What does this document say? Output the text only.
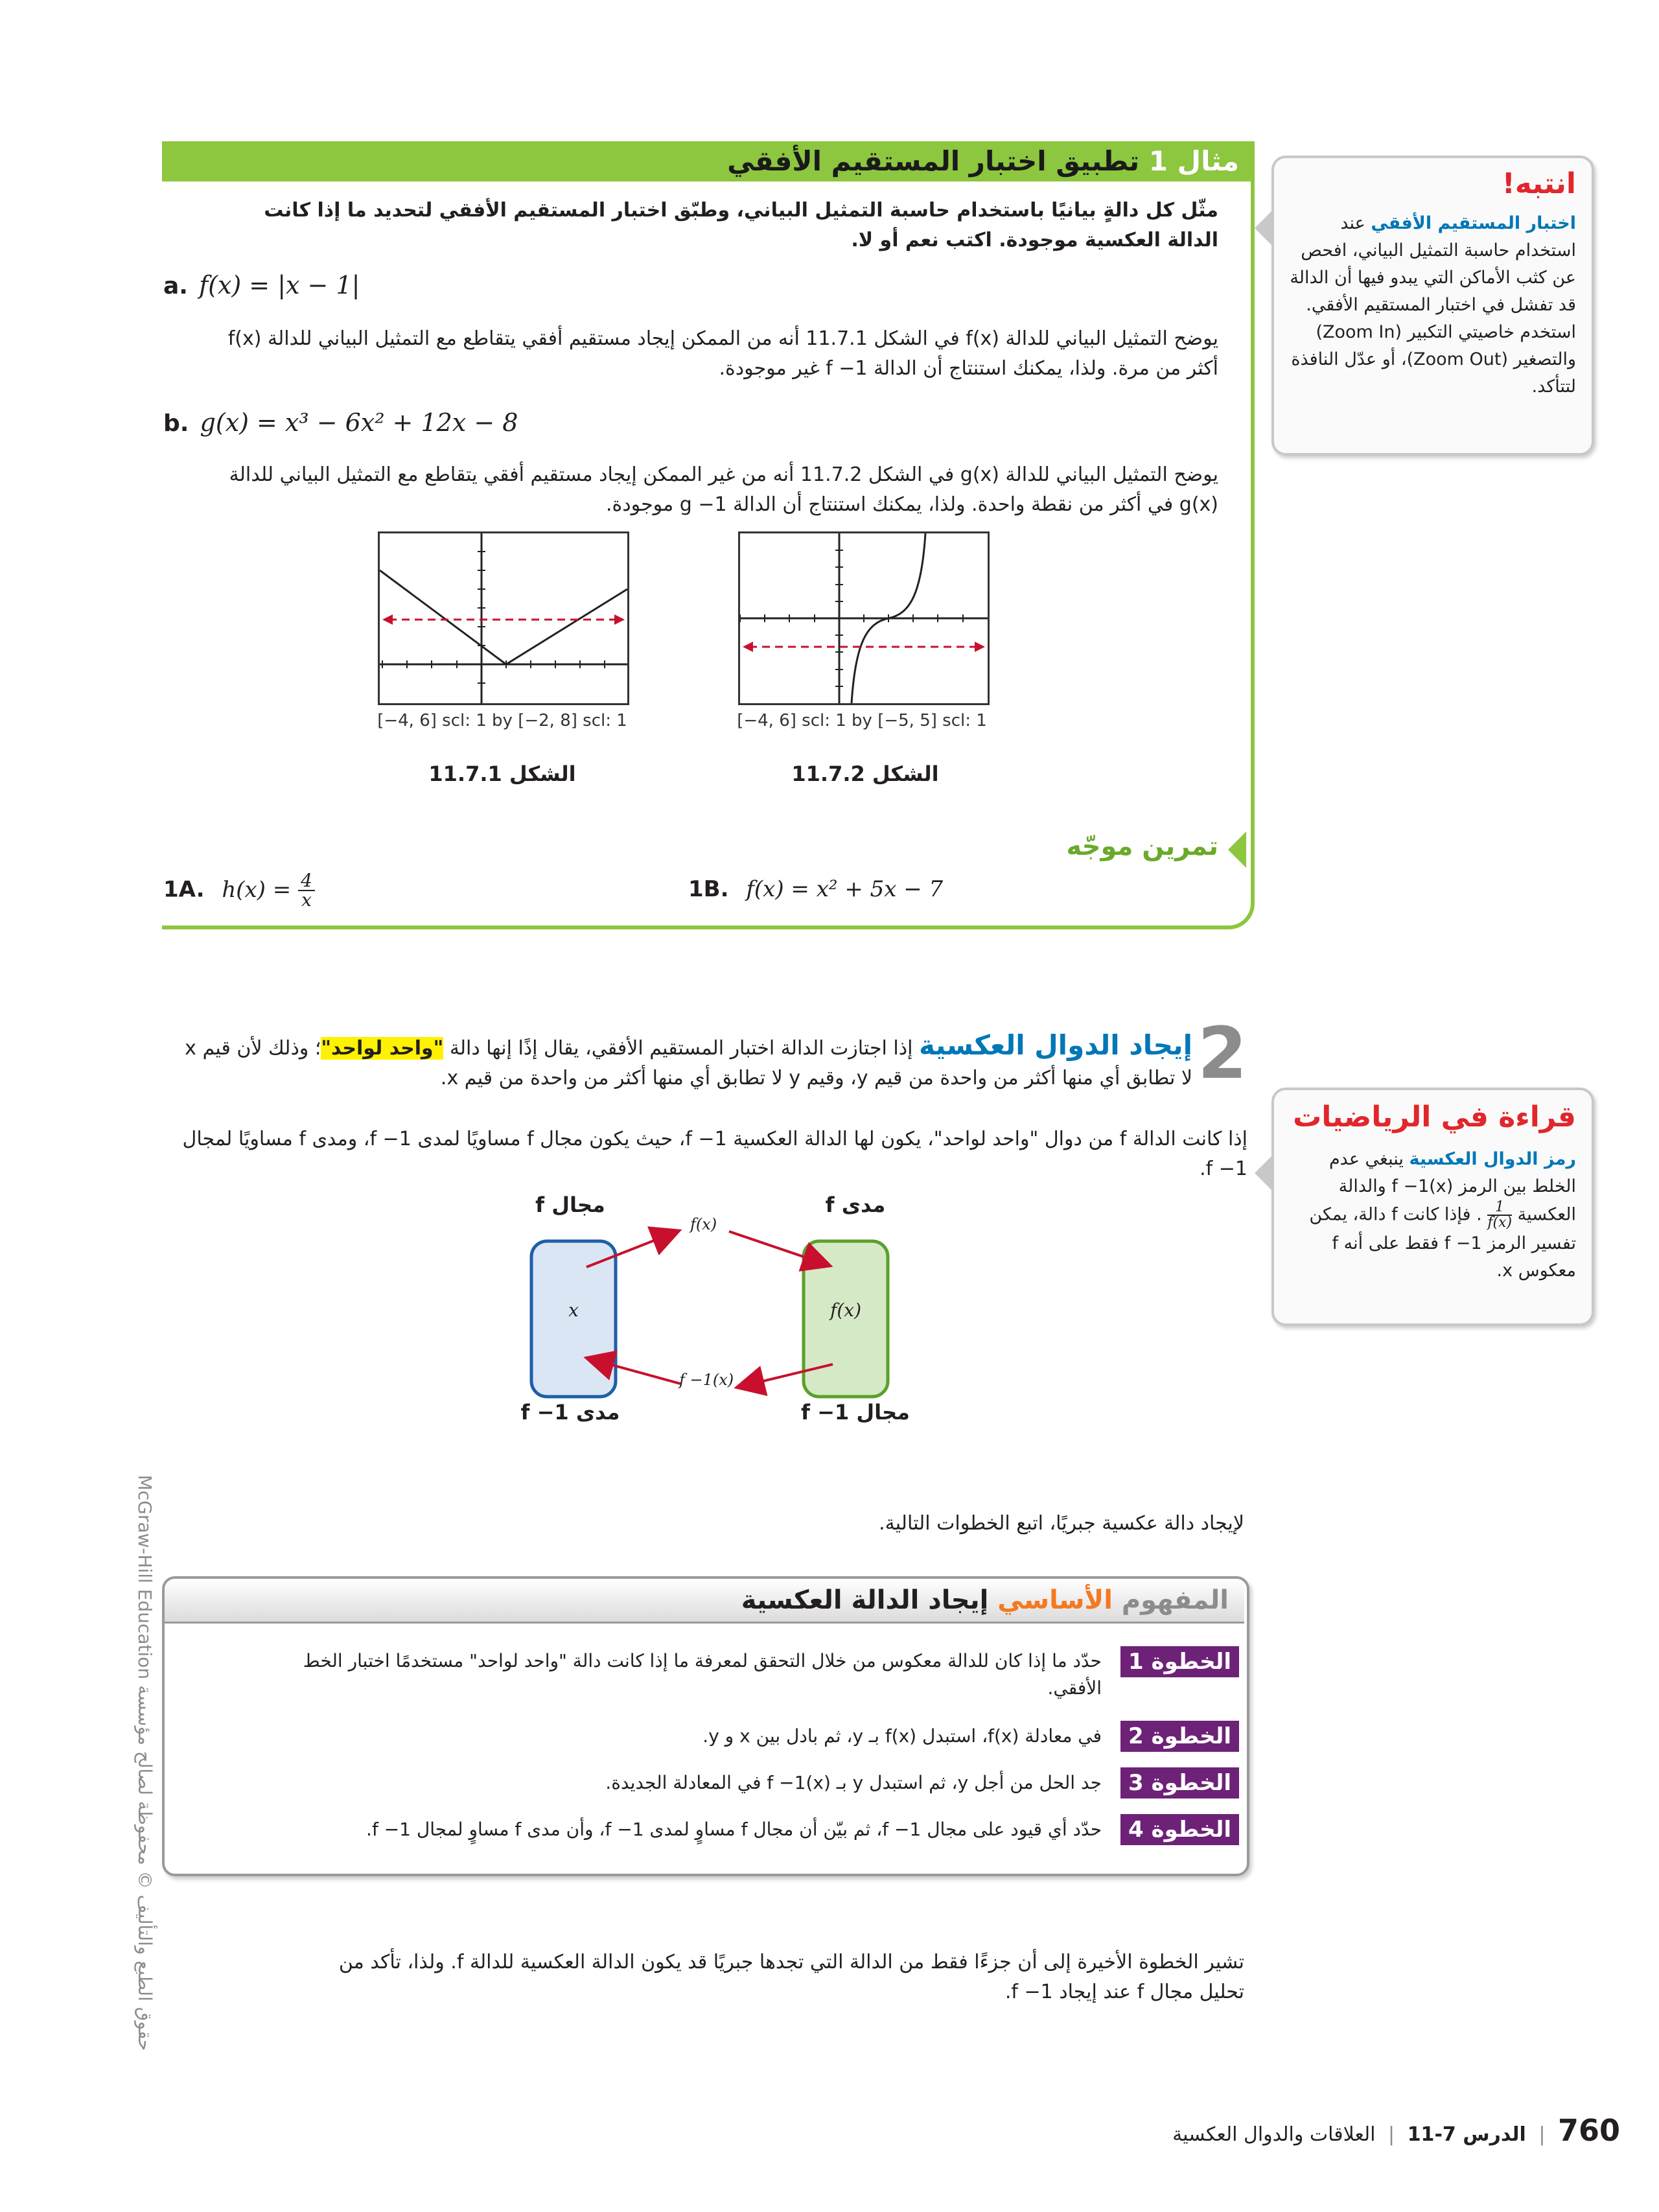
مثال 1 تطبيق اختبار المستقيم الأفقي
مثّل كل دالةٍ بيانيًا باستخدام حاسبة التمثيل البياني، وطبّق اختبار المستقيم الأفقي لتحديد ما إذا كانت الدالة العكسية موجودة. اكتب نعم أو لا.
a. f(x) = |x − 1|
يوضح التمثيل البياني للدالة f(x) في الشكل 11.7.1 أنه من الممكن إيجاد مستقيم أفقي يتقاطع مع التمثيل البياني للدالة f(x) أكثر من مرة. ولذا، يمكنك استنتاج أن الدالة f −1 غير موجودة.
b. g(x) = x³ − 6x² + 12x − 8
يوضح التمثيل البياني للدالة g(x) في الشكل 11.7.2 أنه من غير الممكن إيجاد مستقيم أفقي يتقاطع مع التمثيل البياني للدالة g(x) في أكثر من نقطة واحدة. ولذا، يمكنك استنتاج أن الدالة g −1 موجودة.
[−4, 6] scl: 1 by [−2, 8] scl: 1
الشكل 11.7.1
[−4, 6] scl: 1 by [−5, 5] scl: 1
الشكل 11.7.2
تمرين موجّه
1A. $h(x) = \frac{4}{x}$	1B. f(x) = x² + 5x − 7
انتبه!
اختبار المستقيم الأفقي عند استخدام حاسبة التمثيل البياني، افحص عن كثب الأماكن التي يبدو فيها أن الدالة قد تفشل في اختبار المستقيم الأفقي. استخدم خاصيتي التكبير (Zoom In) والتصغير (Zoom Out)، أو عدّل النافذة لتتأكد.
2
إيجاد الدوال العكسية إذا اجتازت الدالة اختبار المستقيم الأفقي، يقال إذًا إنها دالة "واحد لواحد"؛ وذلك لأن قيم x لا تطابق أي منها أكثر من واحدة من قيم y، وقيم y لا تطابق أي منها أكثر من واحدة من قيم x.
إذا كانت الدالة f من دوال "واحد لواحد"، يكون لها الدالة العكسية f −1، حيث يكون مجال f مساويًا لمدى f −1، ومدى f مساويًا لمجال f −1.
مجال f	مدى f
f(x)
f −1(x)
x	f(x)
مدى f −1	مجال f −1
قراءة في الرياضيات
رمز الدوال العكسية ينبغي عدم الخلط بين الرمز f −1(x) والدالة العكسية
$\frac{1}{f(x)}$
. فإذا كانت f دالة، يمكن تفسير الرمز f −1 فقط على أنه f معكوس x.
لإيجاد دالة عكسية جبريًا، اتبع الخطوات التالية.
المفهوم الأساسي إيجاد الدالة العكسية
الخطوة 1
حدّد ما إذا كان للدالة معكوس من خلال التحقق لمعرفة ما إذا كانت دالة "واحد لواحد" مستخدمًا اختبار الخط الأفقي.
الخطوة 2
في معادلة f(x)، استبدل f(x) بـ y، ثم بادل بين x و y.
الخطوة 3
جد الحل من أجل y، ثم استبدل y بـ f −1(x) في المعادلة الجديدة.
الخطوة 4
حدّد أي قيود على مجال f −1، ثم بيّن أن مجال f مساوٍ لمدى f −1، وأن مدى f مساوٍ لمجال f −1.
تشير الخطوة الأخيرة إلى أن جزءًا فقط من الدالة التي تجدها جبريًا قد يكون الدالة العكسية للدالة f. ولذا، تأكد من تحليل مجال f عند إيجاد f −1.
حقوق الطبع والتأليف © محفوظة لصالح مؤسسة McGraw-Hill Education
760 | الدرس 7-11 | العلاقات والدوال العكسية
